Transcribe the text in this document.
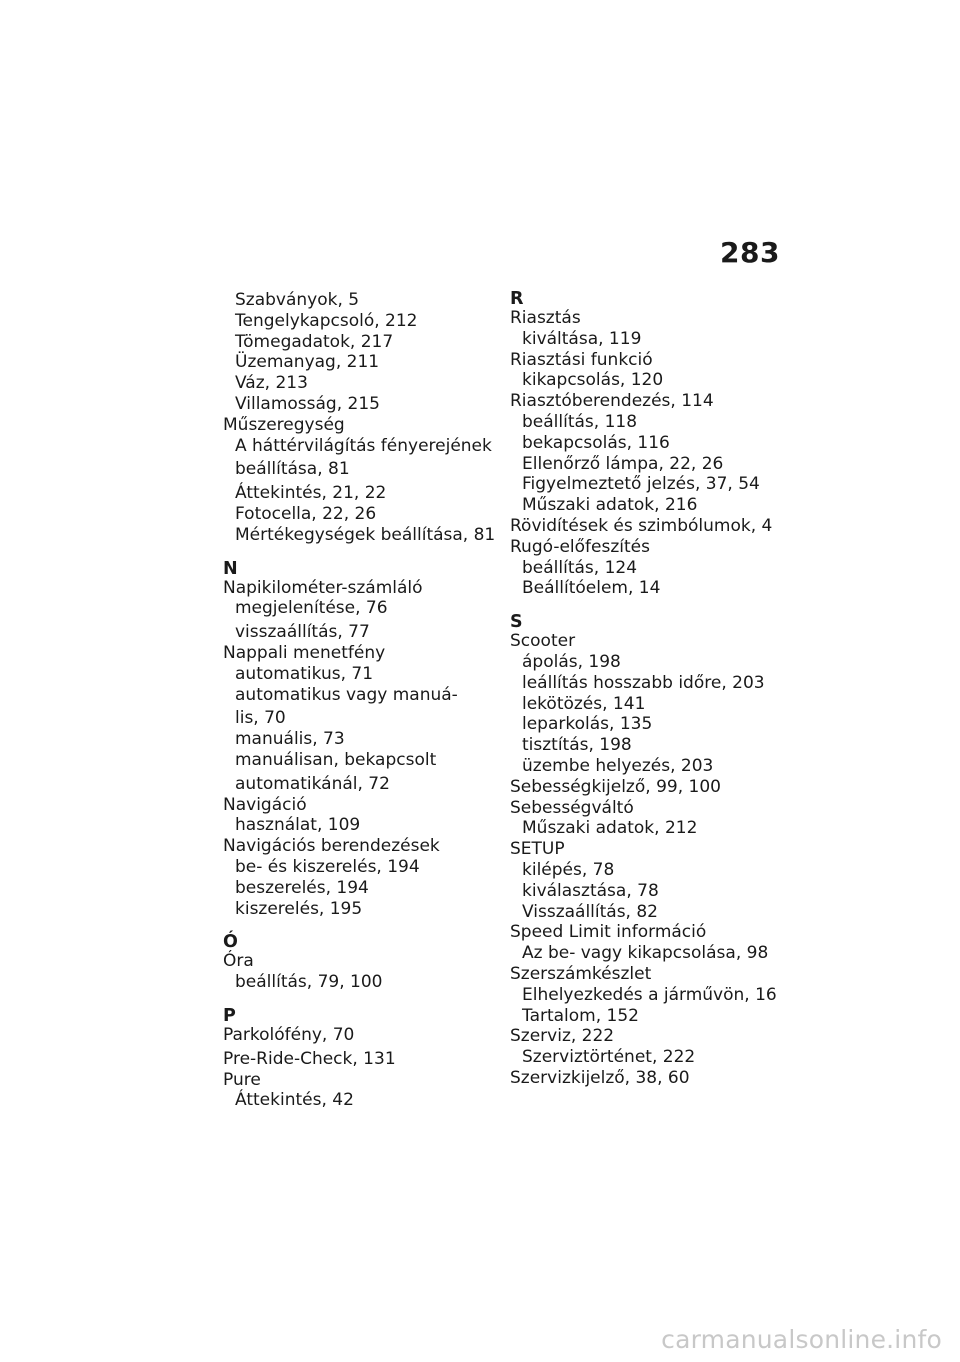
283
Szabványok, 5
Tengelykapcsoló, 212
Tömegadatok, 217
Üzemanyag, 211
Váz, 213
Villamosság, 215
Műszeregység
A háttérvilágítás fényerejének
beállítása, 81
Áttekintés, 21, 22
Fotocella, 22, 26
Mértékegységek beállítása, 81
N
Napikilométer-számláló
megjelenítése, 76
visszaállítás, 77
Nappali menetfény
automatikus, 71
automatikus vagy manuá-
lis, 70
manuális, 73
manuálisan, bekapcsolt
automatikánál, 72
Navigáció
használat, 109
Navigációs berendezések
be- és kiszerelés, 194
beszerelés, 194
kiszerelés, 195
Ó
Óra
beállítás, 79, 100
P
Parkolófény, 70
Pre-Ride-Check, 131
Pure
Áttekintés, 42
R
Riasztás
kiváltása, 119
Riasztási funkció
kikapcsolás, 120
Riasztóberendezés, 114
beállítás, 118
bekapcsolás, 116
Ellenőrző lámpa, 22, 26
Figyelmeztető jelzés, 37, 54
Műszaki adatok, 216
Rövidítések és szimbólumok, 4
Rugó-előfeszítés
beállítás, 124
Beállítóelem, 14
S
Scooter
ápolás, 198
leállítás hosszabb időre, 203
lekötözés, 141
leparkolás, 135
tisztítás, 198
üzembe helyezés, 203
Sebességkijelző, 99, 100
Sebességváltó
Műszaki adatok, 212
SETUP
kilépés, 78
kiválasztása, 78
Visszaállítás, 82
Speed Limit információ
Az be- vagy kikapcsolása, 98
Szerszámkészlet
Elhelyezkedés a járművön, 16
Tartalom, 152
Szerviz, 222
Szerviztörténet, 222
Szervizkijelző, 38, 60
carmanualsonline.info
